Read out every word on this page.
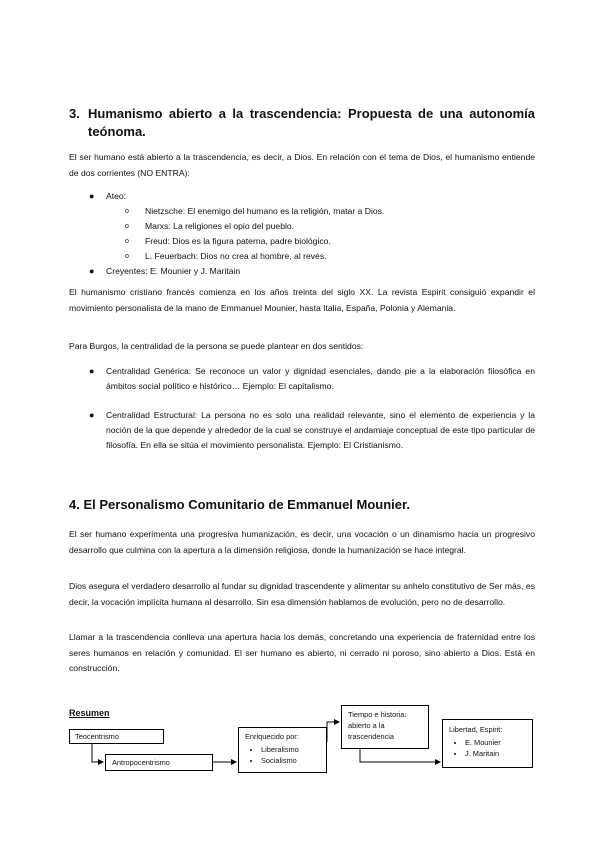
3. Humanismo abierto a la trascendencia: Propuesta de una autonomía teónoma.

El ser humano está abierto a la trascendencia, es decir, a Dios. En relación con el tema de Dios, el humanismo entiende de dos corrientes (NO ENTRA):

●	Ateo:
o	Nietzsche: El enemigo del humano es la religión, matar a Dios.
o	Marxs: La religiones el opio del pueblo.
o	Freud: Dios es la figura paterna, padre biológico.
o	L. Feuerbach: Dios no crea al hombre, al revés.
●	Creyentes: E. Mounier y J. Maritain

El humanismo cristiano francés comienza en los años treinta del siglo XX. La revista Espirit consiguió expandir el movimiento personalista de la mano de Emmanuel Mounier, hasta Italia, España, Polonia y Alemania.

Para Burgos, la centralidad de la persona se puede plantear en dos sentidos:

●	Centralidad Genérica: Se reconoce un valor y dignidad esenciales, dando pie a la elaboración filosófica en ámbitos social político e histórico… Ejemplo: El capitalismo.
●	Centralidad Estructural: La persona no es solo una realidad relevante, sino el elemento de experiencia y la noción de la que depende y alrededor de la cual se construye el andamiaje conceptual de este tipo particular de filosofía. En ella se sitúa el movimiento personalista. Ejemplo: El Cristianismo.
4. El Personalismo Comunitario de Emmanuel Mounier.

El ser humano experimenta una progresiva humanización, es decir, una vocación o un dinamismo hacia un progresivo desarrollo que culmina con la apertura a la dimensión religiosa, donde la humanización se hace integral.

Dios asegura el verdadero desarrollo al fundar su dignidad trascendente y alimentar su anhelo constitutivo de Ser más, es decir, la vocación implícita humana al desarrollo. Sin esa dimensión hablamos de evolución, pero no de desarrollo.

Llamar a la trascendencia conlleva una apertura hacia los demás, concretando una experiencia de fraternidad entre los seres humanos en relación y comunidad. El ser humano es abierto, ni cerrado ni poroso, sino abierto a Dios. Está en construcción.

Resumen
Teocentrismo
Antropocentrismo
Enriquecido por:
• Liberalismo
• Socialismo
Tiempo e historia: abierto a la trascendencia
Libertad, Espirit:
• E. Mounier
• J. Maritain
